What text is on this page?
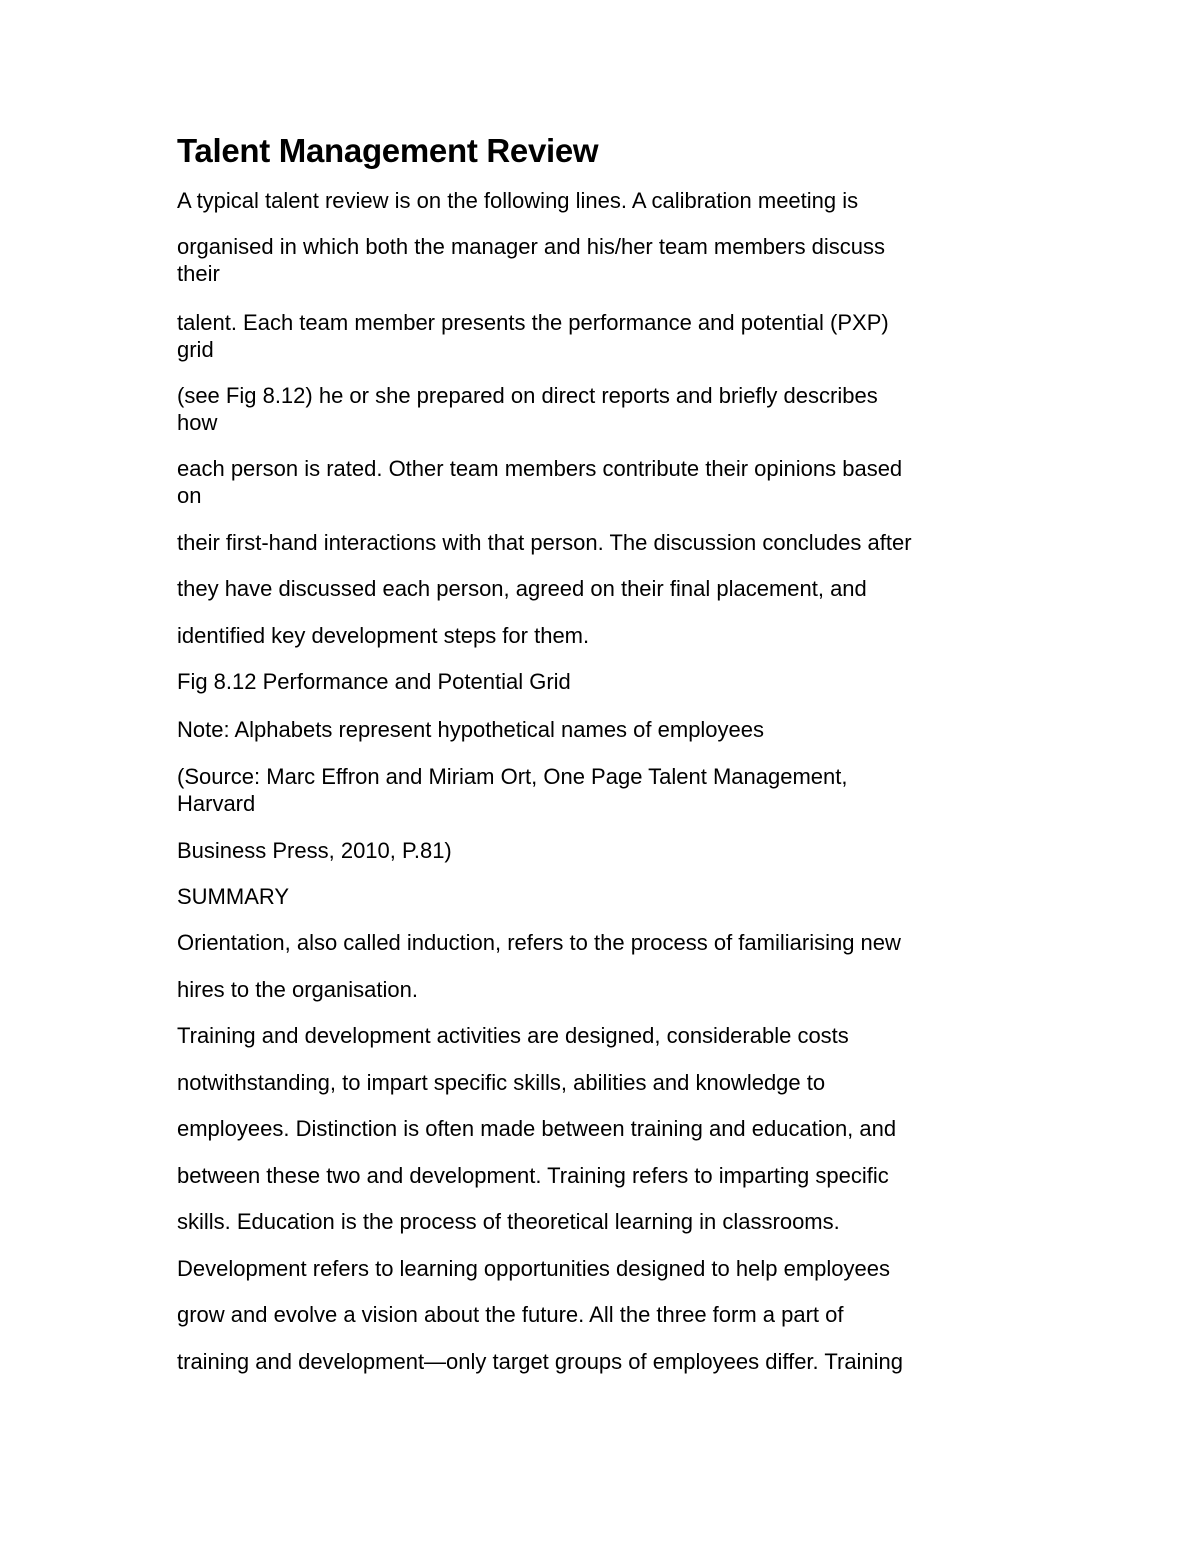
Talent Management Review
A typical talent review is on the following lines. A calibration meeting is
organised in which both the manager and his/her team members discuss
their
talent. Each team member presents the performance and potential (PXP)
grid
(see Fig 8.12) he or she prepared on direct reports and briefly describes
how
each person is rated. Other team members contribute their opinions based
on
their first-hand interactions with that person. The discussion concludes after
they have discussed each person, agreed on their final placement, and
identified key development steps for them.
Fig 8.12 Performance and Potential Grid
Note: Alphabets represent hypothetical names of employees
(Source: Marc Effron and Miriam Ort, One Page Talent Management,
Harvard
Business Press, 2010, P.81)
SUMMARY
Orientation, also called induction, refers to the process of familiarising new
hires to the organisation.
Training and development activities are designed, considerable costs
notwithstanding, to impart specific skills, abilities and knowledge to
employees. Distinction is often made between training and education, and
between these two and development. Training refers to imparting specific
skills. Education is the process of theoretical learning in classrooms.
Development refers to learning opportunities designed to help employees
grow and evolve a vision about the future. All the three form a part of
training and development—only target groups of employees differ. Training
